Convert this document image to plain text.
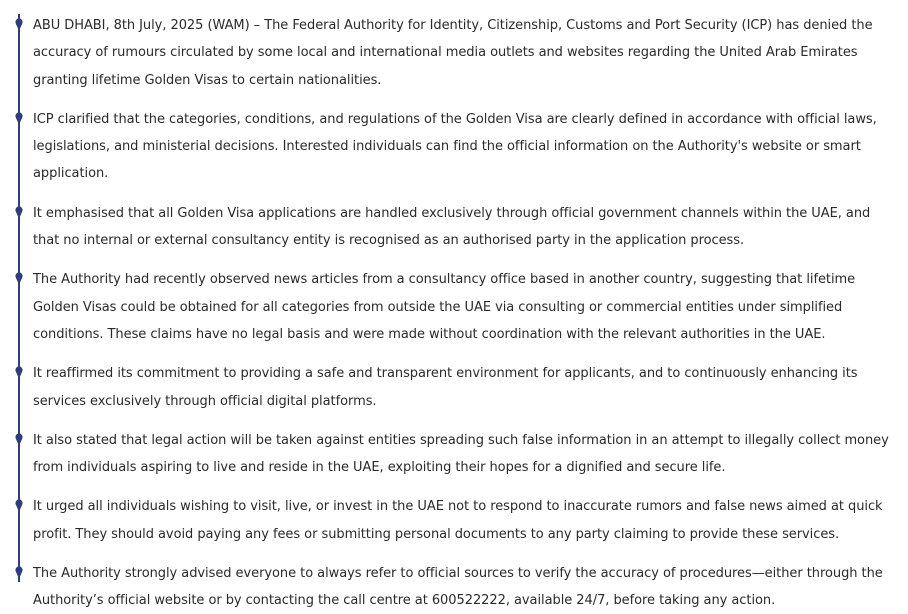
ABU DHABI, 8th July, 2025 (WAM) – The Federal Authority for Identity, Citizenship, Customs and Port Security (ICP) has denied the accuracy of rumours circulated by some local and international media outlets and websites regarding the United Arab Emirates granting lifetime Golden Visas to certain nationalities.
ICP clarified that the categories, conditions, and regulations of the Golden Visa are clearly defined in accordance with official laws, legislations, and ministerial decisions. Interested individuals can find the official information on the Authority's website or smart application.
It emphasised that all Golden Visa applications are handled exclusively through official government channels within the UAE, and that no internal or external consultancy entity is recognised as an authorised party in the application process.
The Authority had recently observed news articles from a consultancy office based in another country, suggesting that lifetime Golden Visas could be obtained for all categories from outside the UAE via consulting or commercial entities under simplified conditions. These claims have no legal basis and were made without coordination with the relevant authorities in the UAE.
It reaffirmed its commitment to providing a safe and transparent environment for applicants, and to continuously enhancing its services exclusively through official digital platforms.
It also stated that legal action will be taken against entities spreading such false information in an attempt to illegally collect money from individuals aspiring to live and reside in the UAE, exploiting their hopes for a dignified and secure life.
It urged all individuals wishing to visit, live, or invest in the UAE not to respond to inaccurate rumors and false news aimed at quick profit. They should avoid paying any fees or submitting personal documents to any party claiming to provide these services.
The Authority strongly advised everyone to always refer to official sources to verify the accuracy of procedures—either through the Authority’s official website or by contacting the call centre at 600522222, available 24/7, before taking any action.
